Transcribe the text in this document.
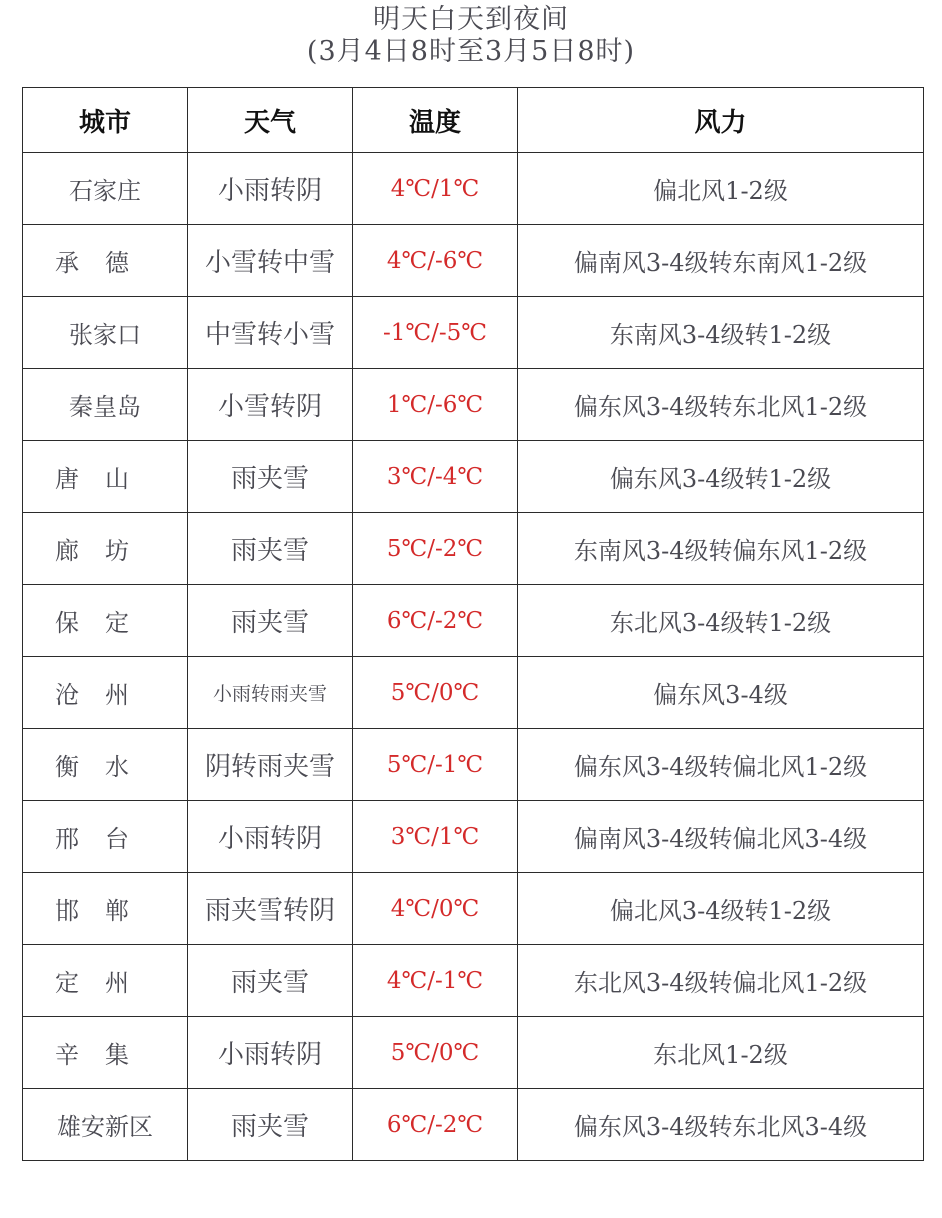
明天白天到夜间
(3月4日8时至3月5日8时)
城市	天气	温度	风力
石家庄	小雨转阴	4℃/1℃	偏北风1-2级
承德	小雪转中雪	4℃/-6℃	偏南风3-4级转东南风1-2级
张家口	中雪转小雪	-1℃/-5℃	东南风3-4级转1-2级
秦皇岛	小雪转阴	1℃/-6℃	偏东风3-4级转东北风1-2级
唐山	雨夹雪	3℃/-4℃	偏东风3-4级转1-2级
廊坊	雨夹雪	5℃/-2℃	东南风3-4级转偏东风1-2级
保定	雨夹雪	6℃/-2℃	东北风3-4级转1-2级
沧州	小雨转雨夹雪	5℃/0℃	偏东风3-4级
衡水	阴转雨夹雪	5℃/-1℃	偏东风3-4级转偏北风1-2级
邢台	小雨转阴	3℃/1℃	偏南风3-4级转偏北风3-4级
邯郸	雨夹雪转阴	4℃/0℃	偏北风3-4级转1-2级
定州	雨夹雪	4℃/-1℃	东北风3-4级转偏北风1-2级
辛集	小雨转阴	5℃/0℃	东北风1-2级
雄安新区	雨夹雪	6℃/-2℃	偏东风3-4级转东北风3-4级
